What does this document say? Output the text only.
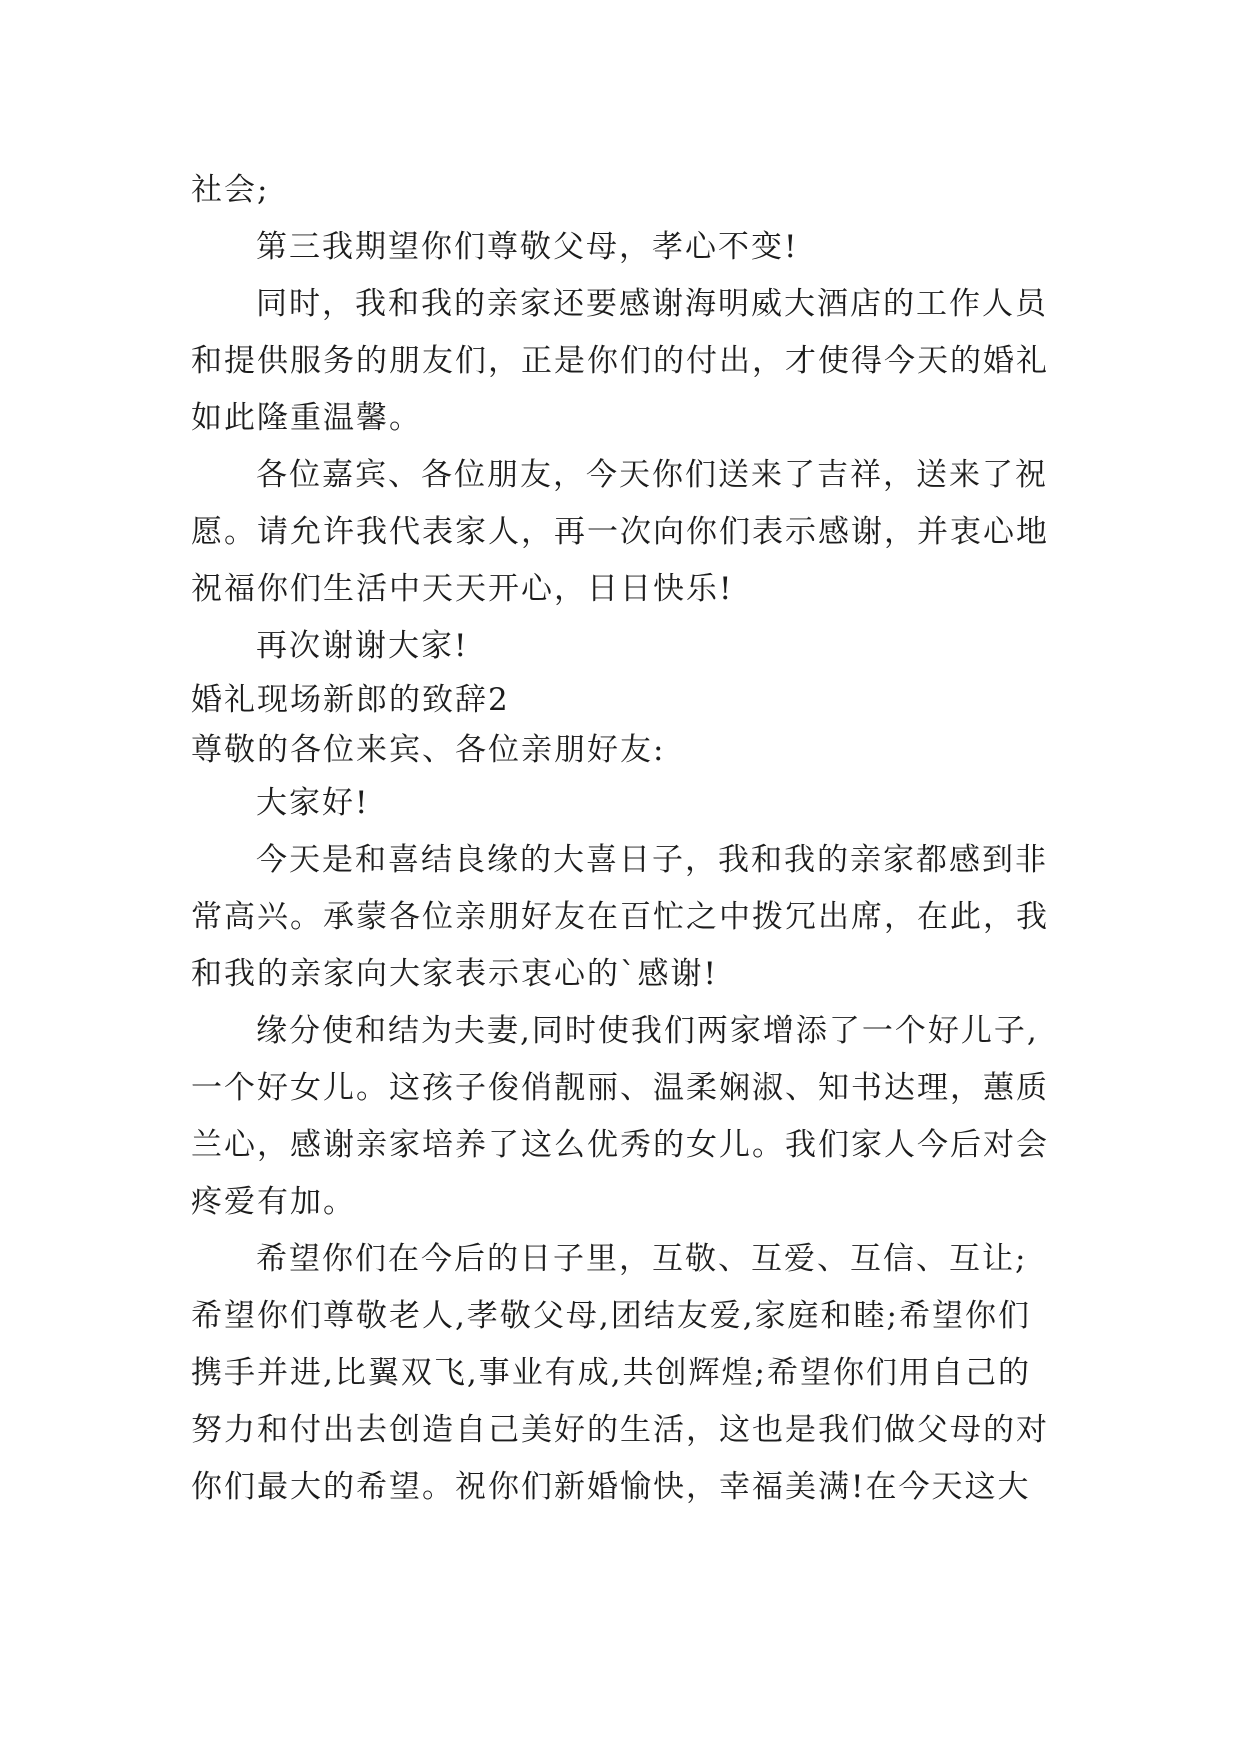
社会;
第三我期望你们尊敬父母，孝心不变!
同时，我和我的亲家还要感谢海明威大酒店的工作人员
和提供服务的朋友们，正是你们的付出，才使得今天的婚礼
如此隆重温馨。
各位嘉宾、各位朋友，今天你们送来了吉祥，送来了祝
愿。请允许我代表家人，再一次向你们表示感谢，并衷心地
祝福你们生活中天天开心，日日快乐!
再次谢谢大家!
婚礼现场新郎的致辞2
尊敬的各位来宾、各位亲朋好友:
大家好!
今天是和喜结良缘的大喜日子，我和我的亲家都感到非
常高兴。承蒙各位亲朋好友在百忙之中拨冗出席，在此，我
和我的亲家向大家表示衷心的`感谢!
缘分使和结为夫妻,同时使我们两家增添了一个好儿子,
一个好女儿。这孩子俊俏靓丽、温柔娴淑、知书达理，蕙质
兰心，感谢亲家培养了这么优秀的女儿。我们家人今后对会
疼爱有加。
希望你们在今后的日子里，互敬、互爱、互信、互让;
希望你们尊敬老人,孝敬父母,团结友爱,家庭和睦;希望你们
携手并进,比翼双飞,事业有成,共创辉煌;希望你们用自己的
努力和付出去创造自己美好的生活，这也是我们做父母的对
你们最大的希望。祝你们新婚愉快，幸福美满!在今天这大
